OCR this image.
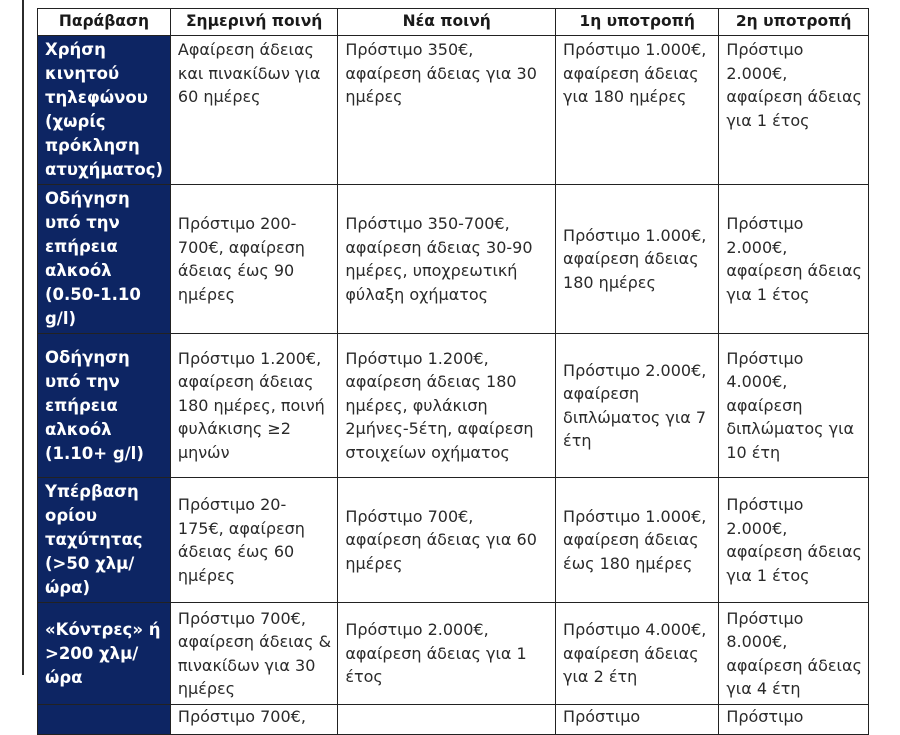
Παράβαση	Σημερινή ποινή	Νέα ποινή	1η υποτροπή	2η υποτροπή
Χρήση κινητού τηλεφώνου (χωρίς πρόκληση ατυχήματος)	Αφαίρεση άδειας και πινακίδων για 60 ημέρες	Πρόστιμο 350€, αφαίρεση άδειας για 30 ημέρες	Πρόστιμο 1.000€, αφαίρεση άδειας για 180 ημέρες	Πρόστιμο 2.000€, αφαίρεση άδειας για 1 έτος
Οδήγηση υπό την επήρεια αλκοόλ (0.50-1.10 g/l)	Πρόστιμο 200-700€, αφαίρεση άδειας έως 90 ημέρες	Πρόστιμο 350-700€, αφαίρεση άδειας 30-90 ημέρες, υποχρεωτική φύλαξη οχήματος	Πρόστιμο 1.000€, αφαίρεση άδειας 180 ημέρες	Πρόστιμο 2.000€, αφαίρεση άδειας για 1 έτος
Οδήγηση υπό την επήρεια αλκοόλ (1.10+ g/l)	Πρόστιμο 1.200€, αφαίρεση άδειας 180 ημέρες, ποινή φυλάκισης ≥2 μηνών	Πρόστιμο 1.200€, αφαίρεση άδειας 180 ημέρες, φυλάκιση 2μήνες-5έτη, αφαίρεση στοιχείων οχήματος	Πρόστιμο 2.000€, αφαίρεση διπλώματος για 7 έτη	Πρόστιμο 4.000€, αφαίρεση διπλώματος για 10 έτη
Υπέρβαση ορίου ταχύτητας (>50 χλμ/ώρα)	Πρόστιμο 20-175€, αφαίρεση άδειας έως 60 ημέρες	Πρόστιμο 700€, αφαίρεση άδειας για 60 ημέρες	Πρόστιμο 1.000€, αφαίρεση άδειας έως 180 ημέρες	Πρόστιμο 2.000€, αφαίρεση άδειας για 1 έτος
«Κόντρες» ή >200 χλμ/ώρα	Πρόστιμο 700€, αφαίρεση άδειας & πινακίδων για 30 ημέρες	Πρόστιμο 2.000€, αφαίρεση άδειας για 1 έτος	Πρόστιμο 4.000€, αφαίρεση άδειας για 2 έτη	Πρόστιμο 8.000€, αφαίρεση άδειας για 4 έτη
	Πρόστιμο 700€,		Πρόστιμο	Πρόστιμο
